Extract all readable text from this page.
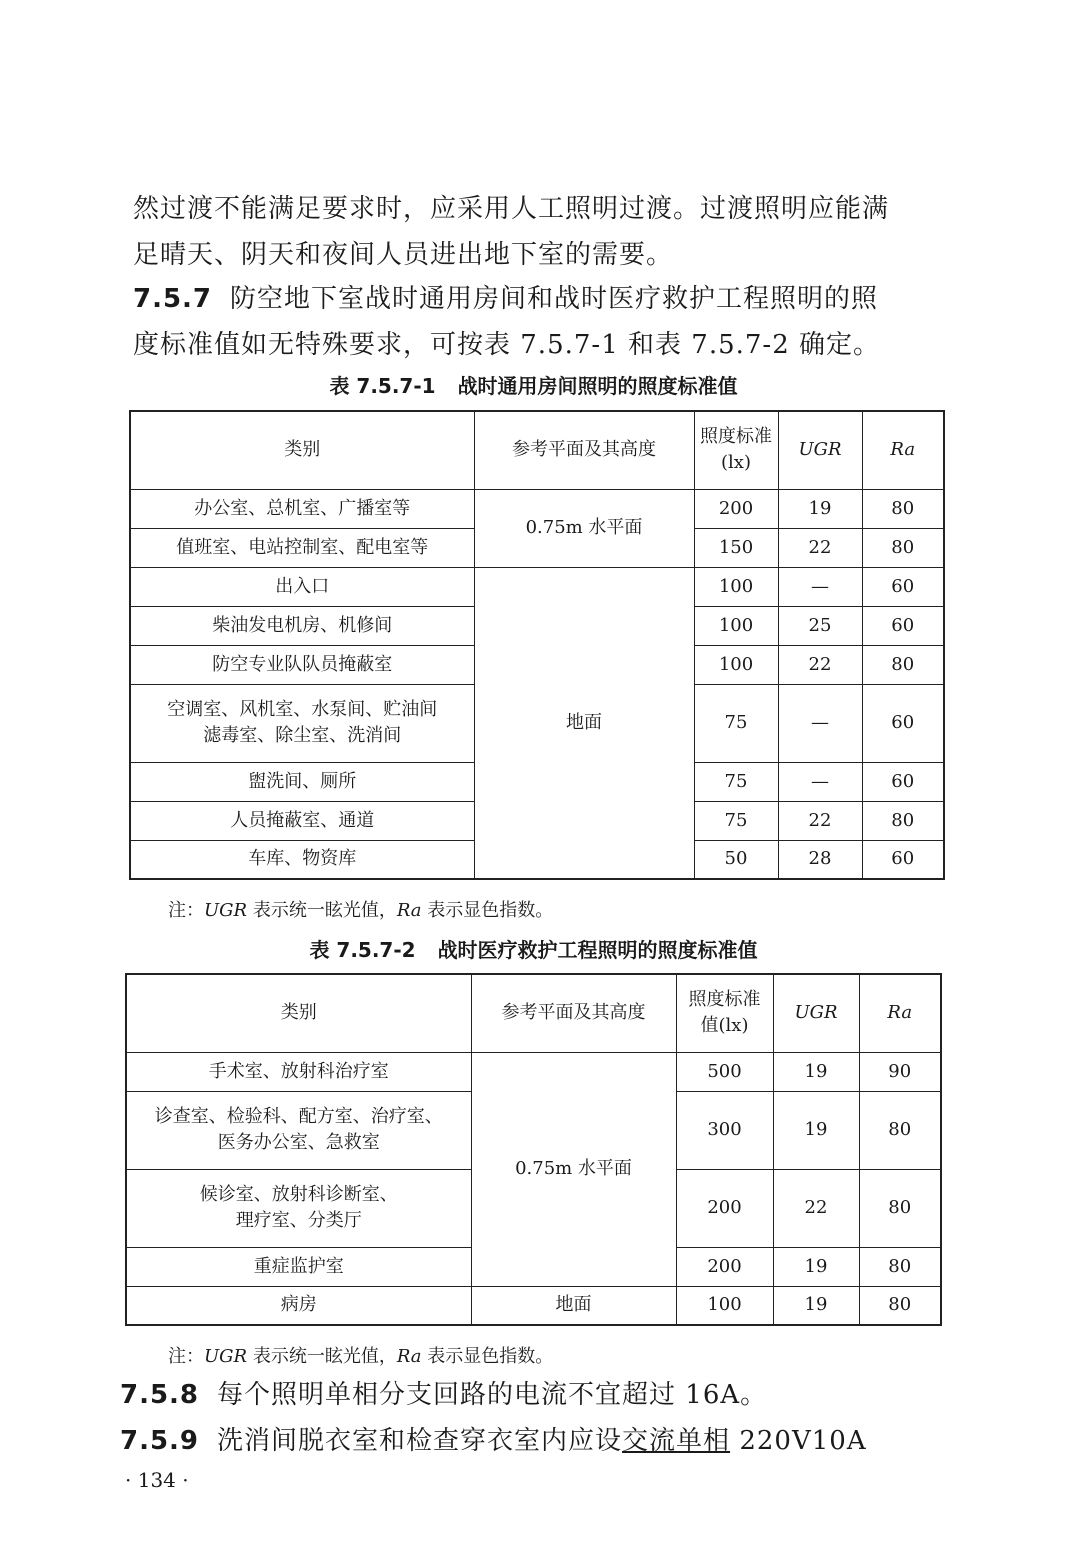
然过渡不能满足要求时，应采用人工照明过渡。过渡照明应能满
足晴天、阴天和夜间人员进出地下室的需要。
7.5.7 防空地下室战时通用房间和战时医疗救护工程照明的照
度标准值如无特殊要求，可按表 7.5.7-1 和表 7.5.7-2 确定。
表 7.5.7-1 战时通用房间照明的照度标准值
类别	参考平面及其高度	照度标准(lx)	UGR	Ra
办公室、总机室、广播室等	0.75m 水平面	200	19	80
值班室、电站控制室、配电室等		150	22	80
出入口	地面	100	—	60
柴油发电机房、机修间		100	25	60
防空专业队队员掩蔽室		100	22	80

空调室、风机室、水泵间、贮油间
滤毒室、除尘室、洗消间		75	—	60
盥洗间、厕所		75	—	60
人员掩蔽室、通道		75	22	80
车库、物资库		50	28	60
注：UGR 表示统一眩光值，Ra 表示显色指数。
表 7.5.7-2 战时医疗救护工程照明的照度标准值
类别	参考平面及其高度	照度标准值(lx)	UGR	Ra
手术室、放射科治疗室	0.75m 水平面	500	19	90

诊查室、检验科、配方室、治疗室、
医务办公室、急救室		300	19	80

候诊室、放射科诊断室、
理疗室、分类厅		200	22	80
重症监护室		200	19	80
病房	地面	100	19	80
注：UGR 表示统一眩光值，Ra 表示显色指数。
7.5.8 每个照明单相分支回路的电流不宜超过 16A。
7.5.9 洗消间脱衣室和检查穿衣室内应设交流单相 220V10A
· 134 ·
